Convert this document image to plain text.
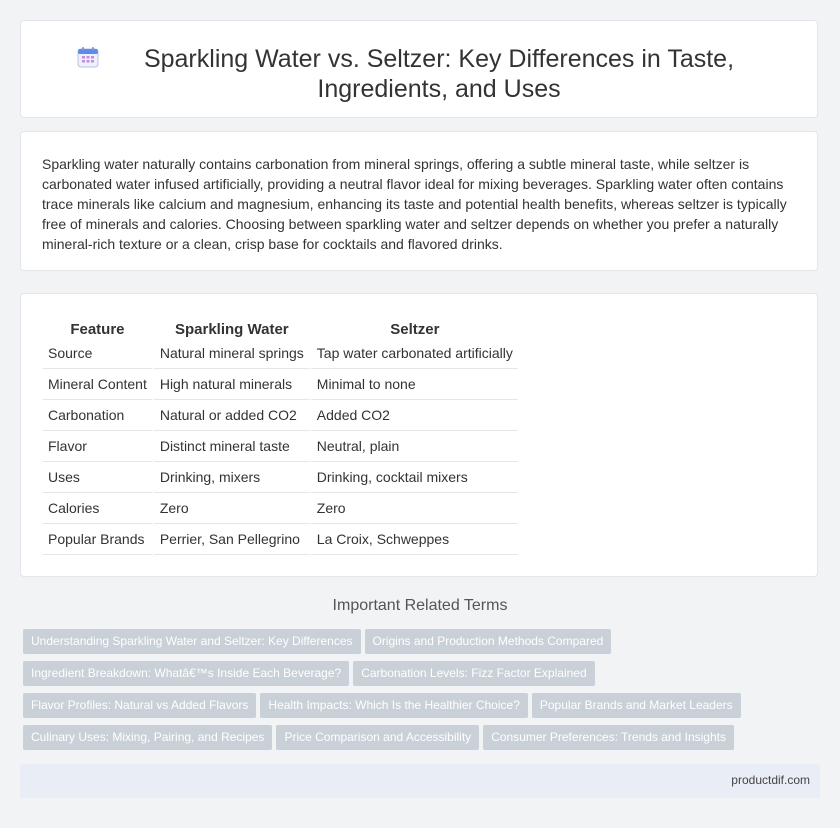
Sparkling Water vs. Seltzer: Key Differences in Taste, Ingredients, and Uses

Sparkling water naturally contains carbonation from mineral springs, offering a subtle mineral taste, while seltzer is carbonated water infused artificially, providing a neutral flavor ideal for mixing beverages. Sparkling water often contains trace minerals like calcium and magnesium, enhancing its taste and potential health benefits, whereas seltzer is typically free of minerals and calories. Choosing between sparkling water and seltzer depends on whether you prefer a naturally mineral-rich texture or a clean, crisp base for cocktails and flavored drinks.

Feature	Sparkling Water	Seltzer
Source	Natural mineral springs	Tap water carbonated artificially
Mineral Content	High natural minerals	Minimal to none
Carbonation	Natural or added CO2	Added CO2
Flavor	Distinct mineral taste	Neutral, plain
Uses	Drinking, mixers	Drinking, cocktail mixers
Calories	Zero	Zero
Popular Brands	Perrier, San Pellegrino	La Croix, Schweppes
Important Related Terms
Understanding Sparkling Water and Seltzer: Key Differences Origins and Production Methods Compared
Ingredient Breakdown: Whatâ€™s Inside Each Beverage? Carbonation Levels: Fizz Factor Explained
Flavor Profiles: Natural vs Added Flavors Health Impacts: Which Is the Healthier Choice? Popular Brands and Market Leaders
Culinary Uses: Mixing, Pairing, and Recipes Price Comparison and Accessibility Consumer Preferences: Trends and Insights
productdif.com
